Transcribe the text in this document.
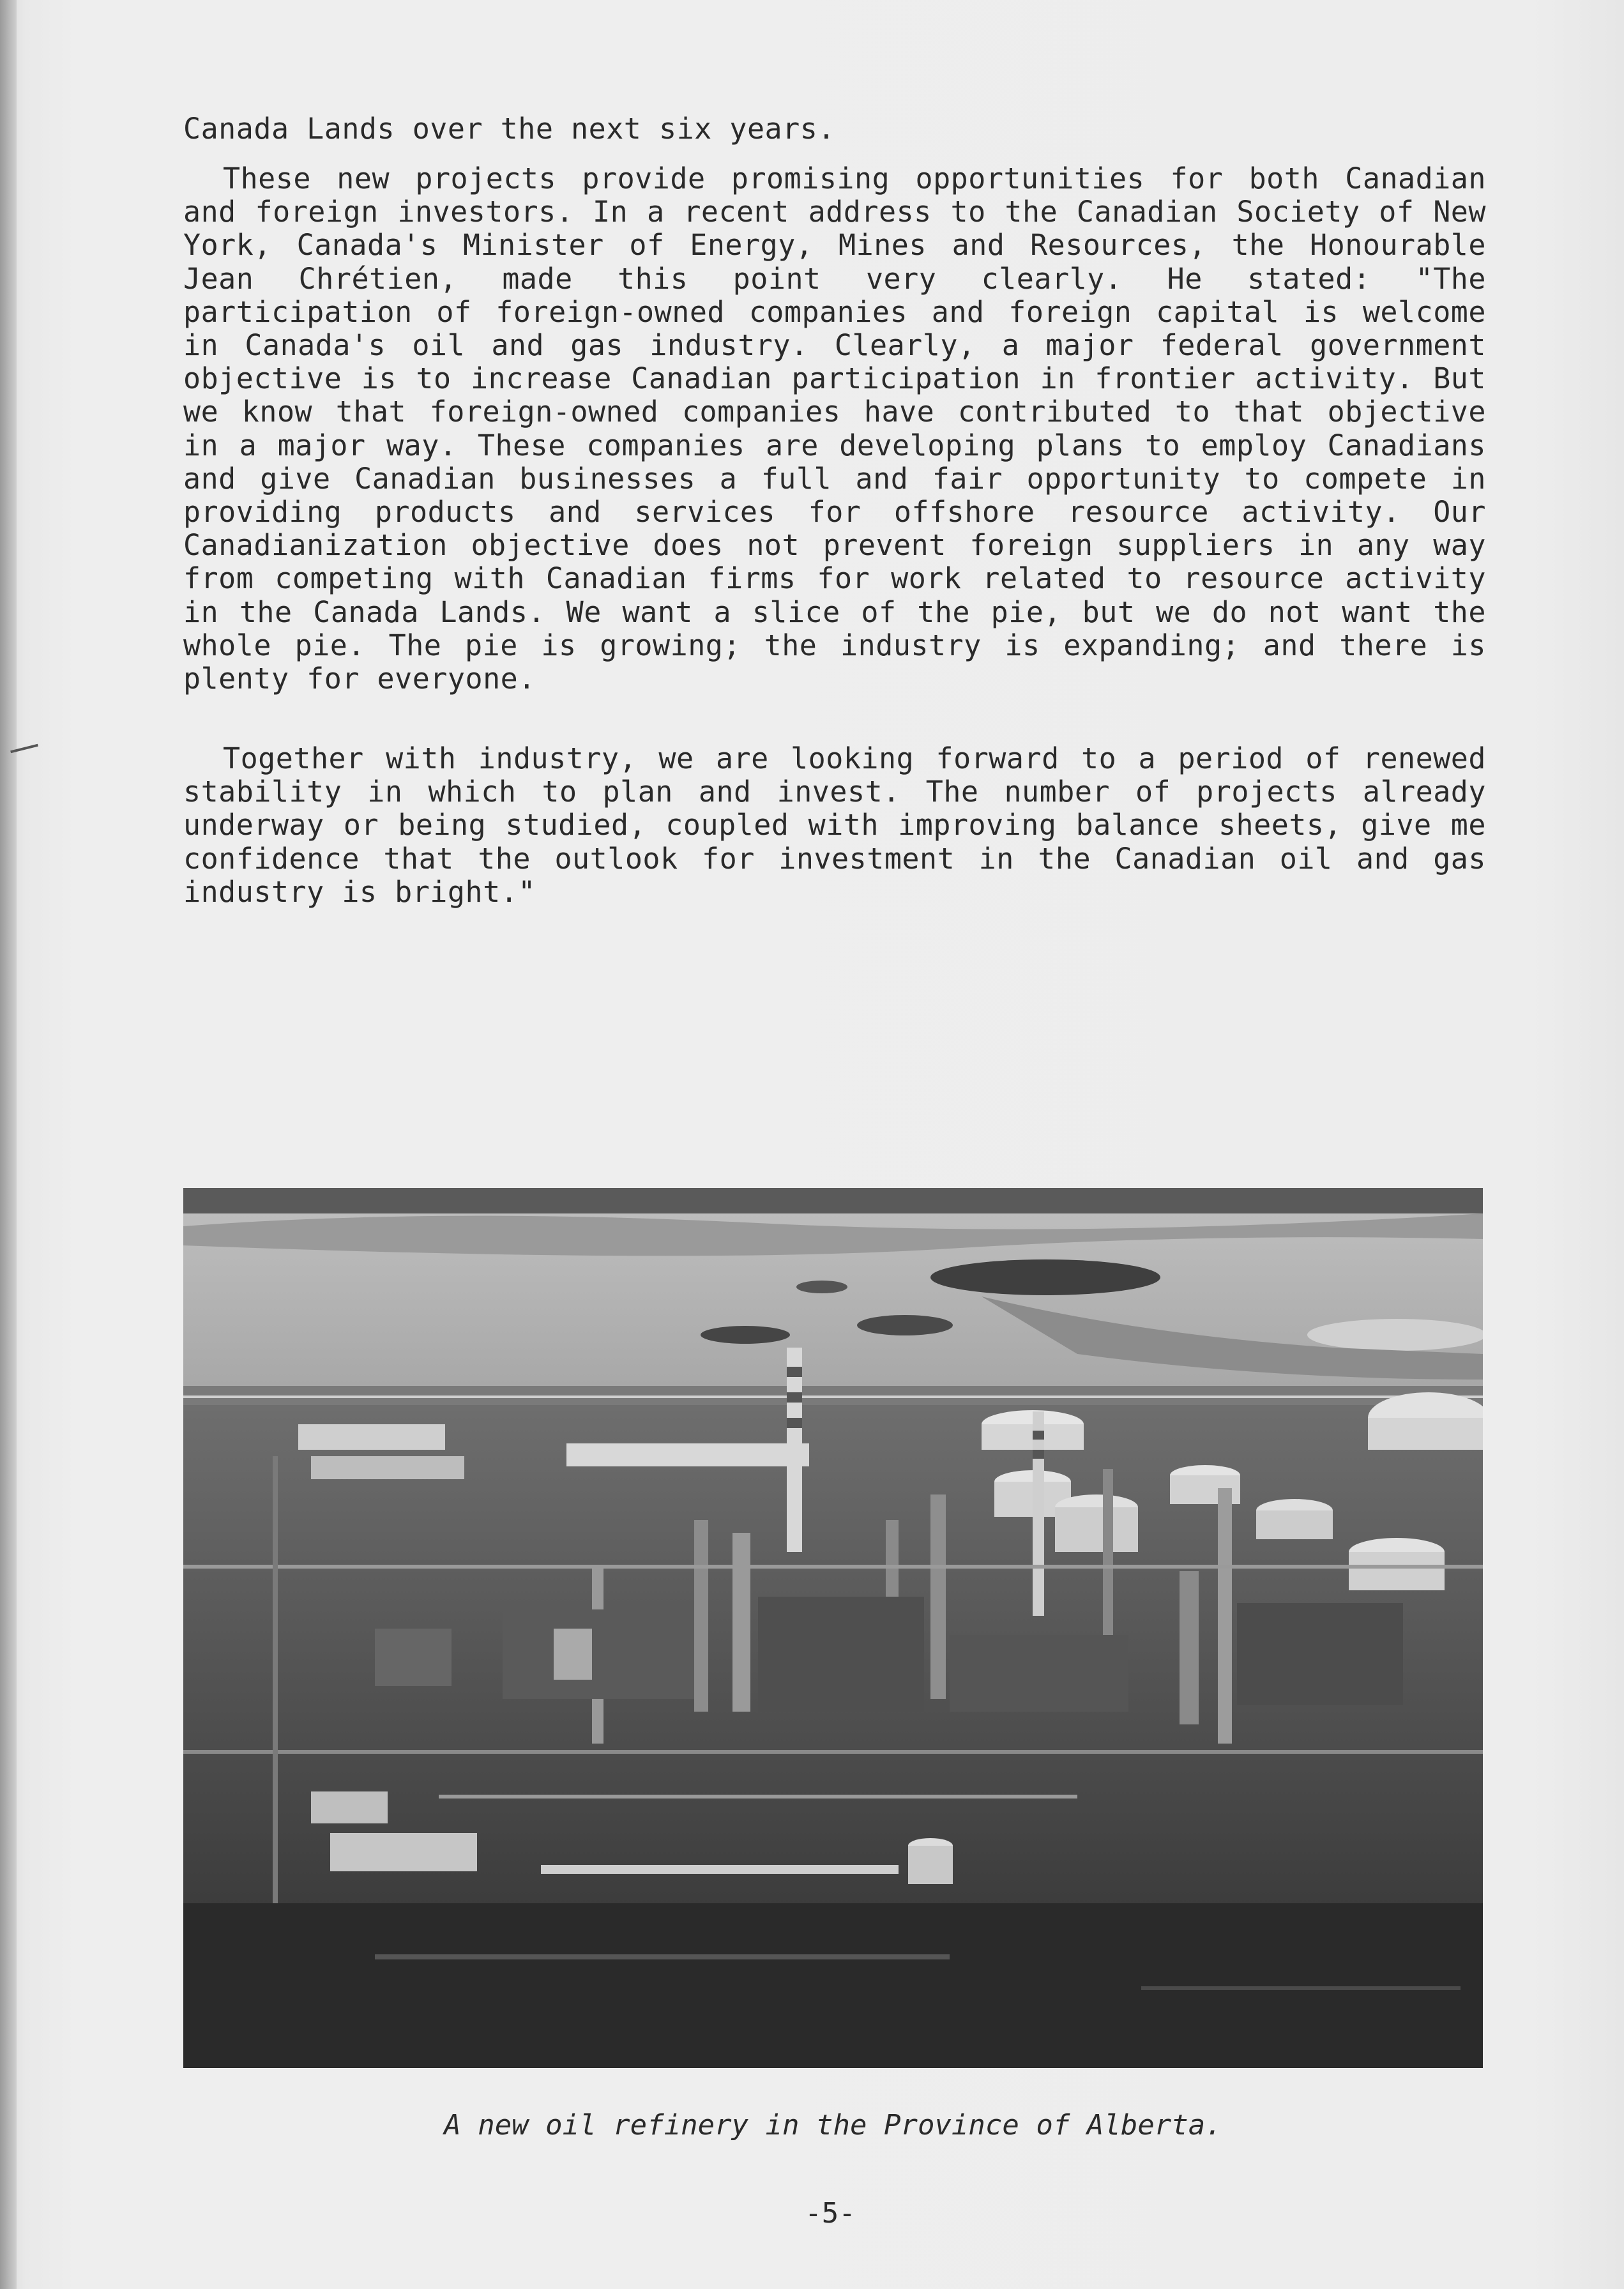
Canada Lands over the next six years.

These new projects provide promising opportunities for both Canadian and foreign investors. In a recent address to the Canadian Society of New York, Canada's Minister of Energy, Mines and Resources, the Honourable Jean Chrétien, made this point very clearly. He stated: "The participation of foreign-owned companies and foreign capital is welcome in Canada's oil and gas industry. Clearly, a major federal government objective is to increase Canadian participation in frontier activity. But we know that foreign-owned companies have contributed to that objective in a major way. These companies are developing plans to employ Canadians and give Canadian businesses a full and fair opportunity to compete in providing products and services for offshore resource activity. Our Canadianization objective does not prevent foreign suppliers in any way from competing with Canadian firms for work related to resource activity in the Canada Lands. We want a slice of the pie, but we do not want the whole pie. The pie is growing; the industry is expanding; and there is plenty for everyone.

Together with industry, we are looking forward to a period of renewed stability in which to plan and invest. The number of projects already underway or being studied, coupled with improving balance sheets, give me confidence that the outlook for investment in the Canadian oil and gas industry is bright."

A new oil refinery in the Province of Alberta.
-5-
